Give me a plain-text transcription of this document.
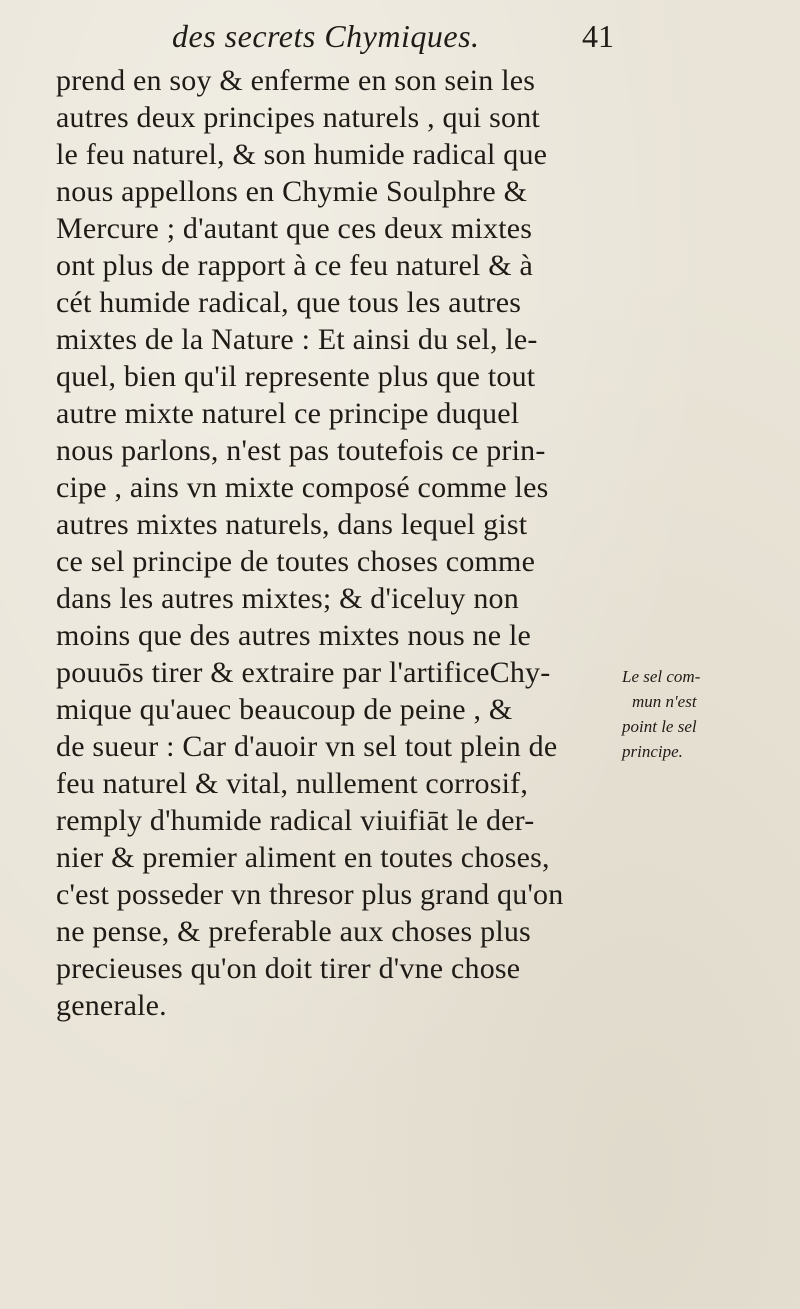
des secrets Chymiques.	41
prend en soy & enferme en son sein les
autres deux principes naturels , qui sont
le feu naturel, & son humide radical que
nous appellons en Chymie Soulphre &
Mercure ; d'autant que ces deux mixtes
ont plus de rapport à ce feu naturel & à
cét humide radical, que tous les autres
mixtes de la Nature : Et ainsi du sel, le-
quel, bien qu'il represente plus que tout
autre mixte naturel ce principe duquel
nous parlons, n'est pas toutefois ce prin-
cipe , ains vn mixte composé comme les
autres mixtes naturels, dans lequel gist
ce sel principe de toutes choses comme
dans les autres mixtes; & d'iceluy non
moins que des autres mixtes nous ne le
pouuōs tirer & extraire par l'artificeChy-
mique qu'auec beaucoup de peine , &
de sueur : Car d'auoir vn sel tout plein de
feu naturel & vital, nullement corrosif,
remply d'humide radical viuifiāt le der-
nier & premier aliment en toutes choses,
c'est posseder vn thresor plus grand qu'on
ne pense, & preferable aux choses plus
precieuses qu'on doit tirer d'vne chose
generale.
Le sel com-
mun n'est
point le sel
principe.
